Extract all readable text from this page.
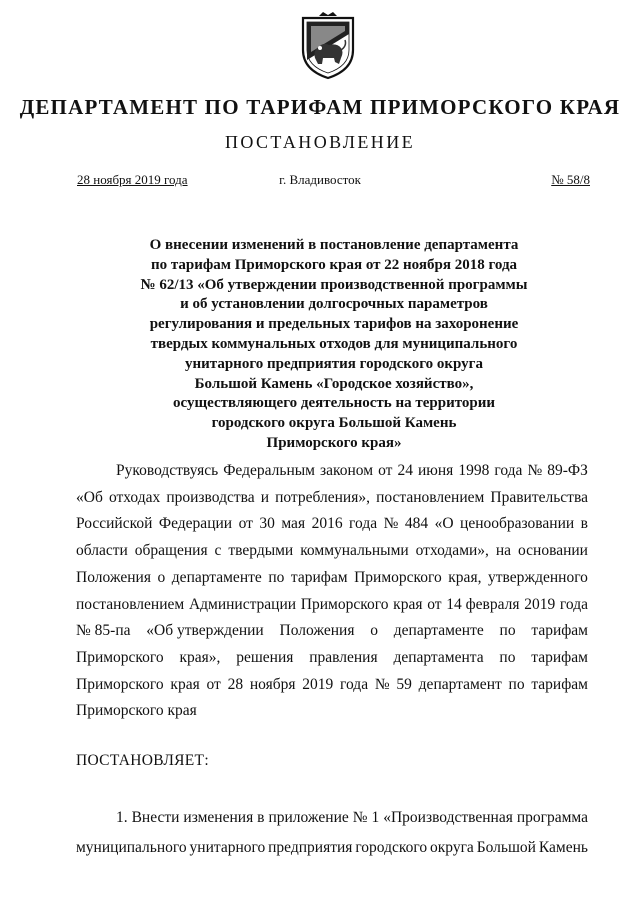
ДЕПАРТАМЕНТ ПО ТАРИФАМ ПРИМОРСКОГО КРАЯ
ПОСТАНОВЛЕНИЕ
28 ноября 2019 года	г. Владивосток	№ 58/8
О внесении изменений в постановление департамента
по тарифам Приморского края от 22 ноября 2018 года
№ 62/13 «Об утверждении производственной программы
и об установлении долгосрочных параметров
регулирования и предельных тарифов на захоронение
твердых коммунальных отходов для муниципального
унитарного предприятия городского округа
Большой Камень «Городское хозяйство»,
осуществляющего деятельность на территории
городского округа Большой Камень
Приморского края»
Руководствуясь Федеральным законом от 24 июня 1998 года № 89-ФЗ
«Об отходах производства и потребления», постановлением Правительства
Российской Федерации от 30 мая 2016 года № 484 «О ценообразовании в
области обращения с твердыми коммунальными отходами», на основании
Положения о департаменте по тарифам Приморского края, утвержденного
постановлением Администрации Приморского края от 14 февраля 2019 года
№ 85-па «Об утверждении Положения о департаменте по тарифам
Приморского края», решения правления департамента по тарифам
Приморского края от 28 ноября 2019 года № 59 департамент по тарифам
Приморского края
ПОСТАНОВЛЯЕТ:
1. Внести изменения в приложение № 1 «Производственная программа
муниципального унитарного предприятия городского округа Большой Камень
